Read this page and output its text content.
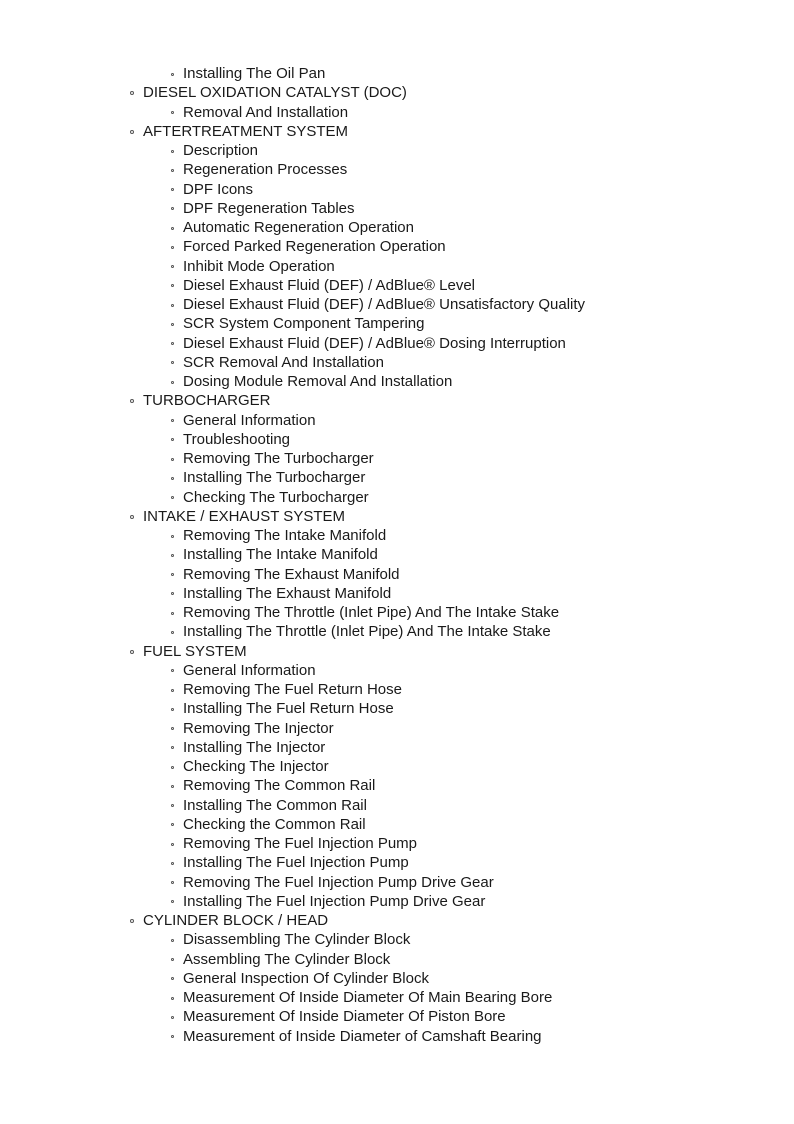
Installing The Oil Pan
DIESEL OXIDATION CATALYST (DOC)
Removal And Installation
AFTERTREATMENT SYSTEM
Description
Regeneration Processes
DPF Icons
DPF Regeneration Tables
Automatic Regeneration Operation
Forced Parked Regeneration Operation
Inhibit Mode Operation
Diesel Exhaust Fluid (DEF) / AdBlue® Level
Diesel Exhaust Fluid (DEF) / AdBlue® Unsatisfactory Quality
SCR System Component Tampering
Diesel Exhaust Fluid (DEF) / AdBlue® Dosing Interruption
SCR Removal And Installation
Dosing Module Removal And Installation
TURBOCHARGER
General Information
Troubleshooting
Removing The Turbocharger
Installing The Turbocharger
Checking The Turbocharger
INTAKE / EXHAUST SYSTEM
Removing The Intake Manifold
Installing The Intake Manifold
Removing The Exhaust Manifold
Installing The Exhaust Manifold
Removing The Throttle (Inlet Pipe) And The Intake Stake
Installing The Throttle (Inlet Pipe) And The Intake Stake
FUEL SYSTEM
General Information
Removing The Fuel Return Hose
Installing The Fuel Return Hose
Removing The Injector
Installing The Injector
Checking The Injector
Removing The Common Rail
Installing The Common Rail
Checking the Common Rail
Removing The Fuel Injection Pump
Installing The Fuel Injection Pump
Removing The Fuel Injection Pump Drive Gear
Installing The Fuel Injection Pump Drive Gear
CYLINDER BLOCK / HEAD
Disassembling The Cylinder Block
Assembling The Cylinder Block
General Inspection Of Cylinder Block
Measurement Of Inside Diameter Of Main Bearing Bore
Measurement Of Inside Diameter Of Piston Bore
Measurement of Inside Diameter of Camshaft Bearing
